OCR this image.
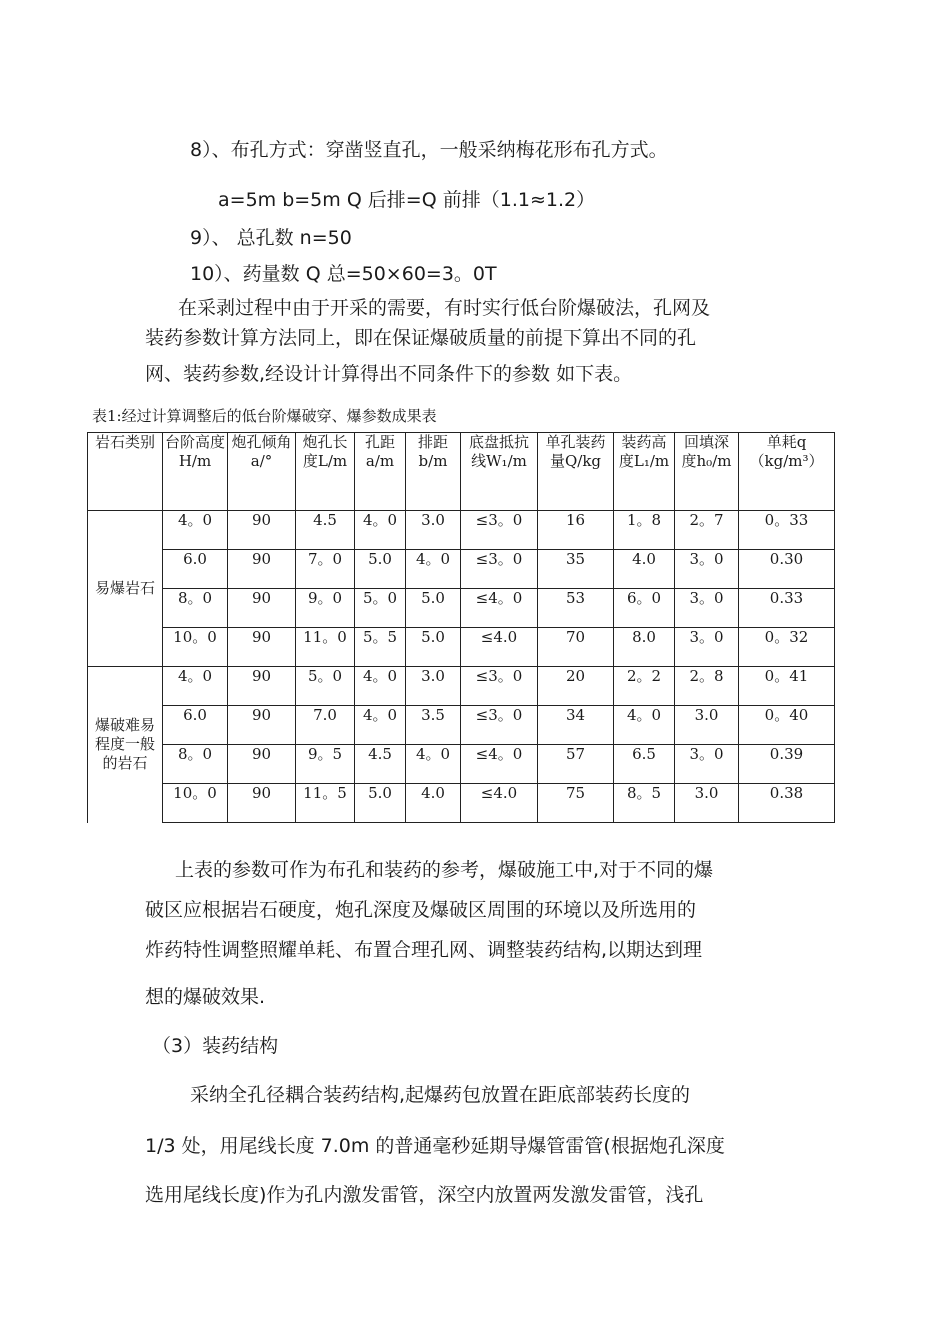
8）、布孔方式：穿凿竖直孔，一般采纳梅花形布孔方式。
a=5m b=5m Q 后排=Q 前排（1.1≈1.2）
9）、 总孔数 n=50
10）、药量数 Q 总=50×60=3。0T
在采剥过程中由于开采的需要，有时实行低台阶爆破法，孔网及
装药参数计算方法同上，即在保证爆破质量的前提下算出不同的孔
网、装药参数,经设计计算得出不同条件下的参数 如下表。
表1:经过计算调整后的低台阶爆破穿、爆参数成果表
岩石类别	台阶高度H/m	炮孔倾角a/°	炮孔长度L/m	孔距a/m	排距b/m	底盘抵抗线W₁/m	单孔装药量Q/kg	装药高度L₁/m	回填深度h₀/m	单耗q（kg/m³）
易爆岩石	4。0	90	4.5	4。0	3.0	≤3。0	16	1。8	2。7	0。33
	6.0	90	7。0	5.0	4。0	≤3。0	35	4.0	3。0	0.30
	8。0	90	9。0	5。0	5.0	≤4。0	53	6。0	3。0	0.33
	10。0	90	11。0	5。5	5.0	≤4.0	70	8.0	3。0	0。32
爆破难易程度一般的岩石	4。0	90	5。0	4。0	3.0	≤3。0	20	2。2	2。8	0。41
	6.0	90	7.0	4。0	3.5	≤3。0	34	4。0	3.0	0。40
	8。0	90	9。5	4.5	4。0	≤4。0	57	6.5	3。0	0.39
	10。0	90	11。5	5.0	4.0	≤4.0	75	8。5	3.0	0.38
上表的参数可作为布孔和装药的参考，爆破施工中,对于不同的爆
破区应根据岩石硬度，炮孔深度及爆破区周围的环境以及所选用的
炸药特性调整照耀单耗、布置合理孔网、调整装药结构,以期达到理
想的爆破效果.
（3）装药结构
采纳全孔径耦合装药结构,起爆药包放置在距底部装药长度的
1/3 处，用尾线长度 7.0m 的普通毫秒延期导爆管雷管(根据炮孔深度
选用尾线长度)作为孔内激发雷管，深空内放置两发激发雷管，浅孔
